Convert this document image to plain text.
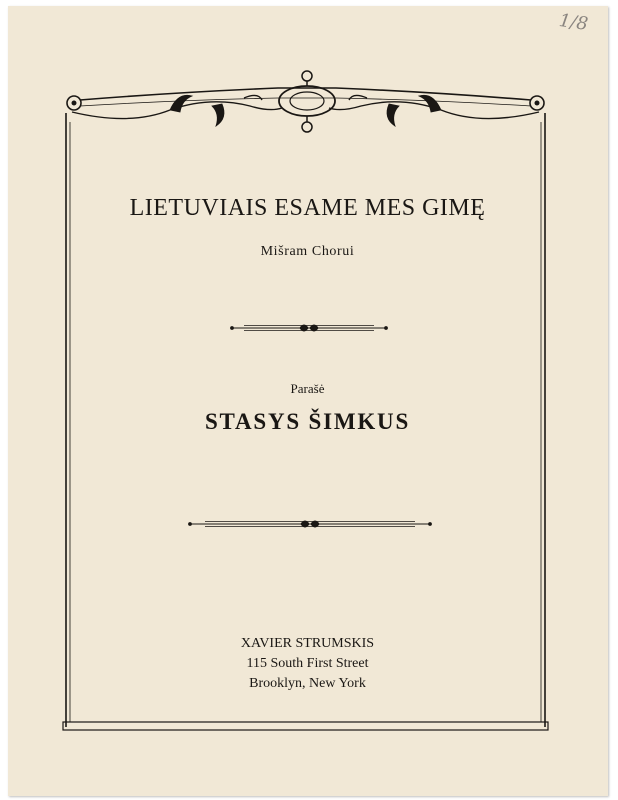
1/8
LIETUVIAIS ESAME MES GIMĘ
Mišram Chorui
Parašė
STASYS ŠIMKUS
XAVIER STRUMSKIS
115 South First Street
Brooklyn, New York
